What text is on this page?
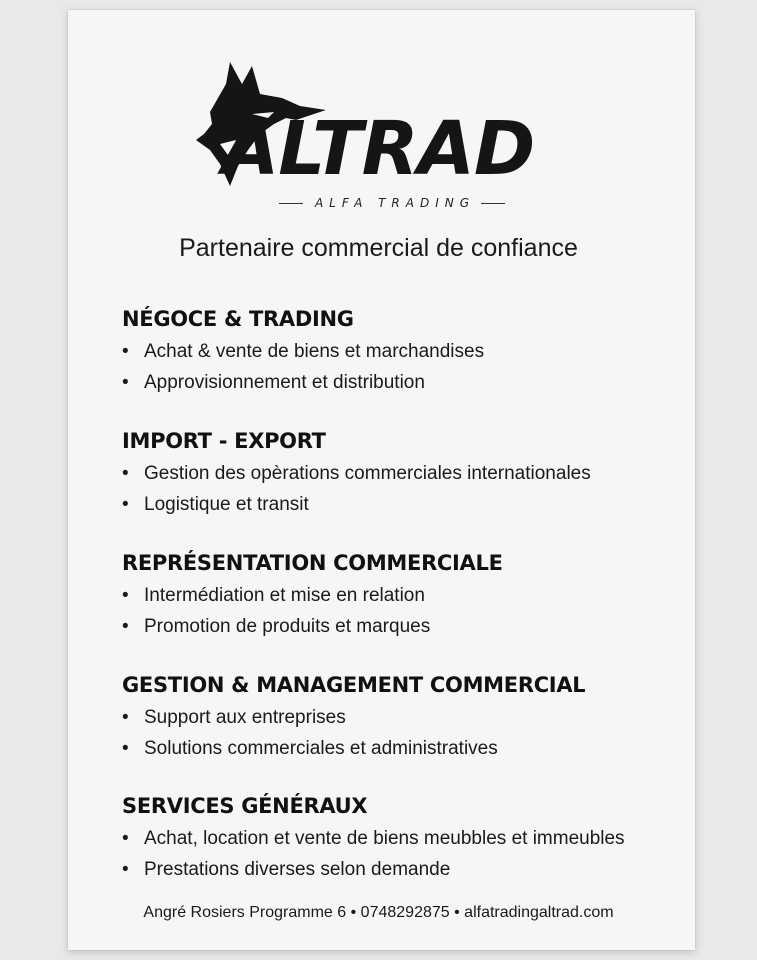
ALTRAD
ALFA TRADING
Partenaire commercial de confiance
NÉGOCE & TRADING
• Achat & vente de biens et marchandises
• Approvisionnement et distribution
IMPORT - EXPORT
• Gestion des opèrations commerciales internationales
• Logistique et transit
REPRÉSENTATION COMMERCIALE
• Intermédiation et mise en relation
• Promotion de produits et marques
GESTION & MANAGEMENT COMMERCIAL
• Support aux entreprises
• Solutions commerciales et administratives
SERVICES GÉNÉRAUX
• Achat, location et vente de biens meubbles et immeubles
• Prestations diverses selon demande
Angré Rosiers Programme 6 • 0748292875 • alfatradingaltrad.com
